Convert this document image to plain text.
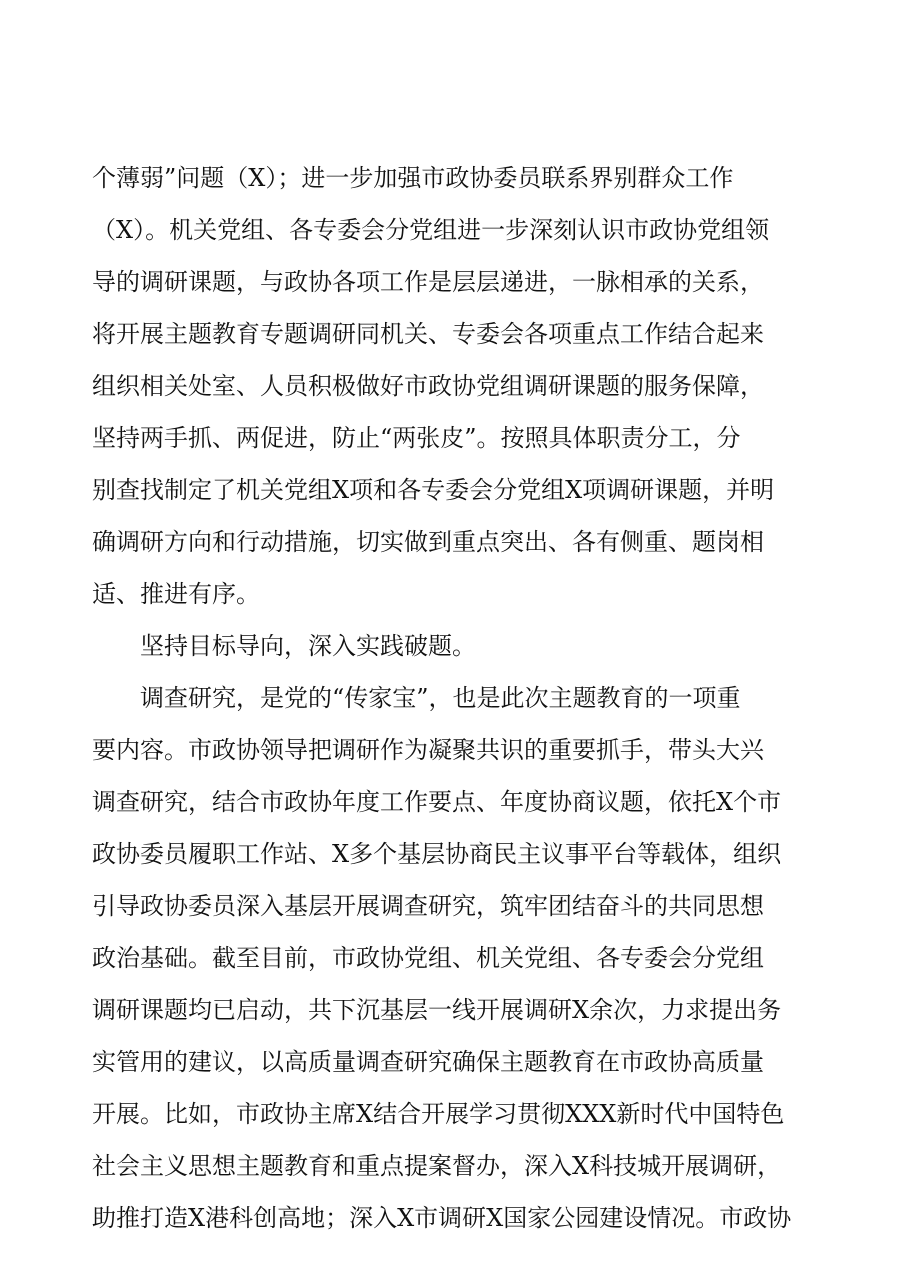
个薄弱”问题（X）；进一步加强市政协委员联系界别群众工作
（X）。机关党组、各专委会分党组进一步深刻认识市政协党组领
导的调研课题，与政协各项工作是层层递进，一脉相承的关系，
将开展主题教育专题调研同机关、专委会各项重点工作结合起来
组织相关处室、人员积极做好市政协党组调研课题的服务保障，
坚持两手抓、两促进，防止“两张皮”。按照具体职责分工，分
别查找制定了机关党组X项和各专委会分党组X项调研课题，并明
确调研方向和行动措施，切实做到重点突出、各有侧重、题岗相
适、推进有序。
坚持目标导向，深入实践破题。
调查研究，是党的“传家宝”，也是此次主题教育的一项重
要内容。市政协领导把调研作为凝聚共识的重要抓手，带头大兴
调查研究，结合市政协年度工作要点、年度协商议题，依托X个市
政协委员履职工作站、X多个基层协商民主议事平台等载体，组织
引导政协委员深入基层开展调查研究，筑牢团结奋斗的共同思想
政治基础。截至目前，市政协党组、机关党组、各专委会分党组
调研课题均已启动，共下沉基层一线开展调研X余次，力求提出务
实管用的建议，以高质量调查研究确保主题教育在市政协高质量
开展。比如，市政协主席X结合开展学习贯彻XXX新时代中国特色
社会主义思想主题教育和重点提案督办，深入X科技城开展调研，
助推打造X港科创高地；深入X市调研X国家公园建设情况。市政协
